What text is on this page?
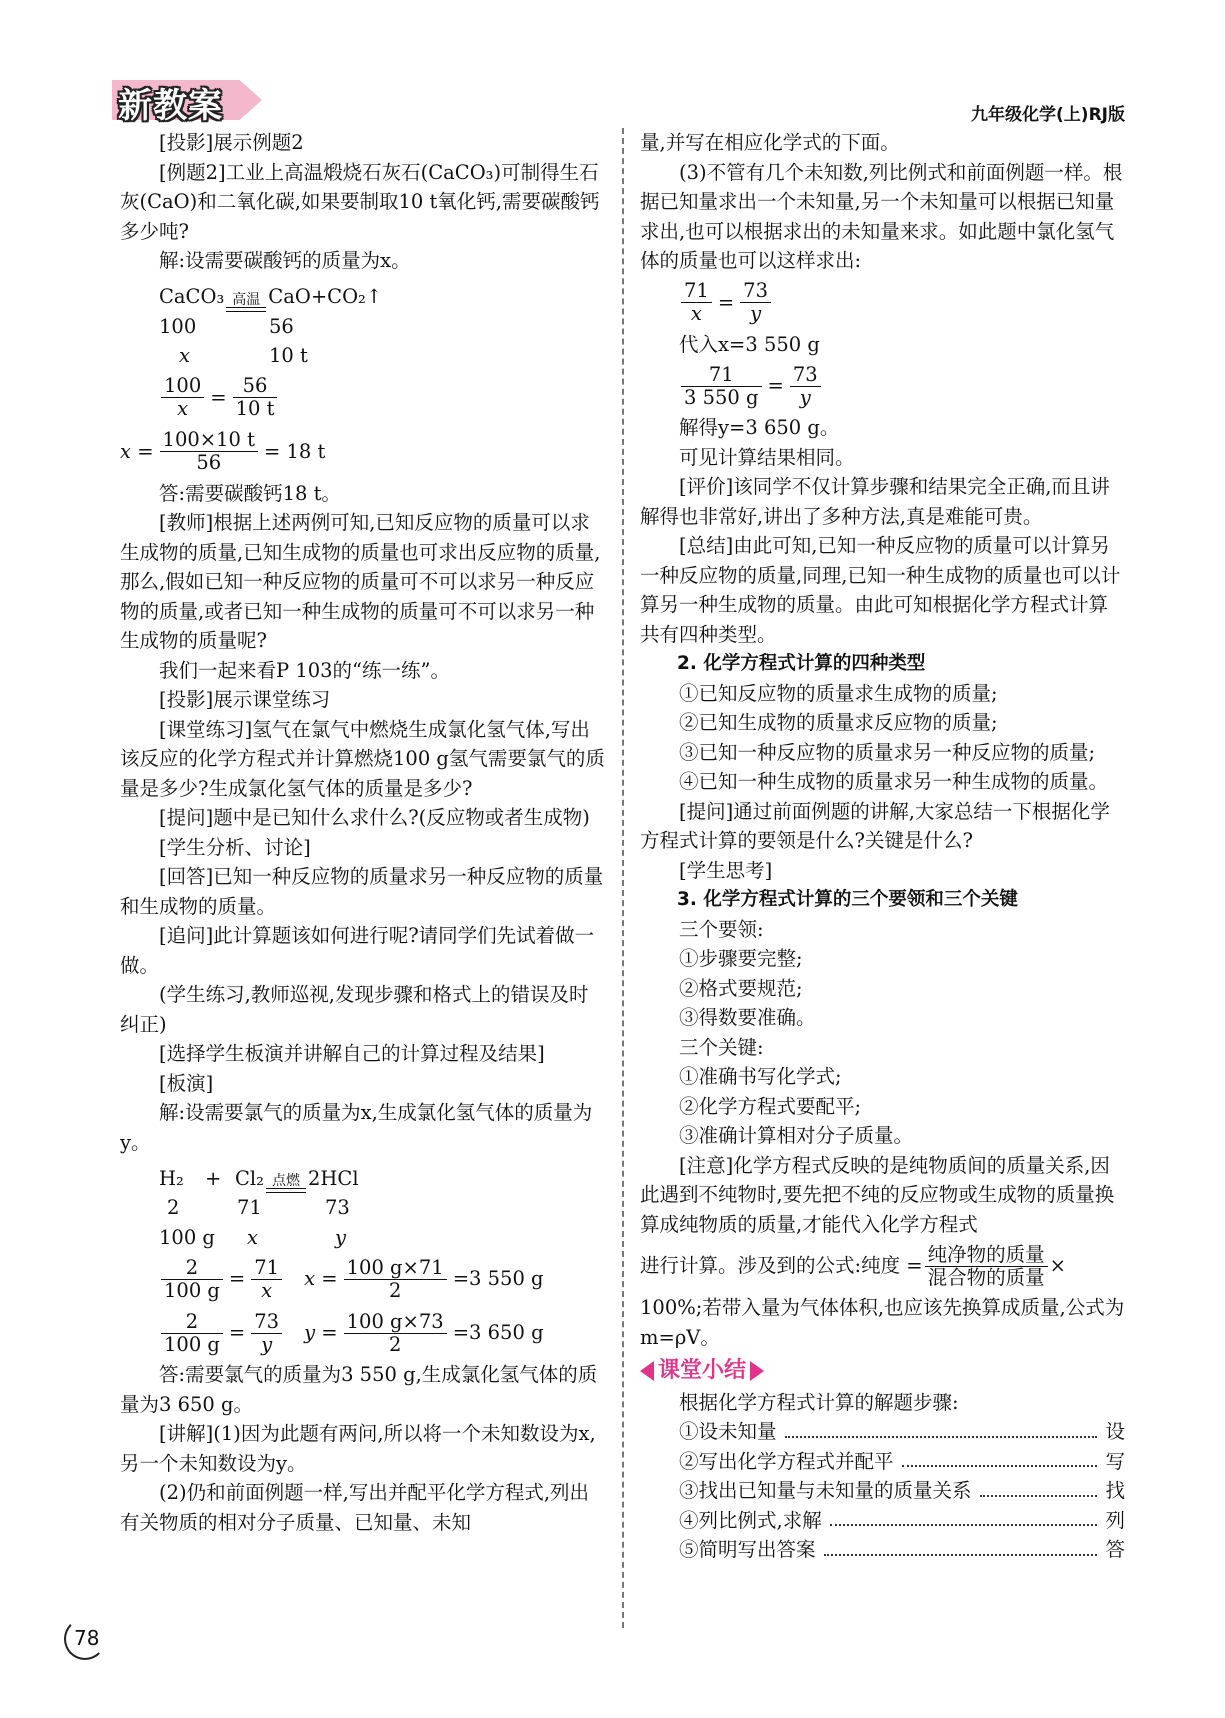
新教案	九年级化学(上)RJ版

[投影]展示例题2

[例题2]工业上高温煅烧石灰石(CaCO₃)可制得生石灰(CaO)和二氧化碳,如果要制取10 t氧化钙,需要碳酸钙多少吨?

解:设需要碳酸钙的质量为x。

CaCO₃ 高温 CaO+CO₂↑
100	56
x	10 t
$\frac{100}{x} = \frac{56}{10 t}$
$x = \frac{100\times 10 t}{56} = 18$ t

答:需要碳酸钙18 t。

[教师]根据上述两例可知,已知反应物的质量可以求生成物的质量,已知生成物的质量也可求出反应物的质量,那么,假如已知一种反应物的质量可不可以求另一种反应物的质量,或者已知一种生成物的质量可不可以求另一种生成物的质量呢?

我们一起来看P 103的“练一练”。

[投影]展示课堂练习

[课堂练习]氢气在氯气中燃烧生成氯化氢气体,写出该反应的化学方程式并计算燃烧100 g氢气需要氯气的质量是多少?生成氯化氢气体的质量是多少?

[提问]题中是已知什么求什么?(反应物或者生成物)

[学生分析、讨论]

[回答]已知一种反应物的质量求另一种反应物的质量和生成物的质量。

[追问]此计算题该如何进行呢?请同学们先试着做一做。

(学生练习,教师巡视,发现步骤和格式上的错误及时纠正)

[选择学生板演并讲解自己的计算过程及结果]

[板演]

解:设需要氯气的质量为x,生成氯化氢气体的质量为y。

H₂	+ Cl₂ 点燃 2HCl
2	71	73
100 g	x	y
$\frac{2}{100 g} = \frac{71}{x}$ $x = \frac{100 g\times 71}{2} =3$ 550 g
$\frac{2}{100 g} = \frac{73}{y}$ $y = \frac{100 g\times 73}{2} =3$ 650 g

答:需要氯气的质量为3 550 g,生成氯化氢气体的质量为3 650 g。

[讲解](1)因为此题有两问,所以将一个未知数设为x,另一个未知数设为y。

(2)仍和前面例题一样,写出并配平化学方程式,列出有关物质的相对分子质量、已知量、未知

量,并写在相应化学式的下面。

(3)不管有几个未知数,列比例式和前面例题一样。根据已知量求出一个未知量,另一个未知量可以根据已知量求出,也可以根据求出的未知量来求。如此题中氯化氢气体的质量也可以这样求出:

$\frac{71}{x} = \frac{73}{y}$

代入x=3 550 g

$\frac{71}{3 550 g} = \frac{73}{y}$

解得y=3 650 g。

可见计算结果相同。

[评价]该同学不仅计算步骤和结果完全正确,而且讲解得也非常好,讲出了多种方法,真是难能可贵。

[总结]由此可知,已知一种反应物的质量可以计算另一种反应物的质量,同理,已知一种生成物的质量也可以计算另一种生成物的质量。由此可知根据化学方程式计算共有四种类型。

2. 化学方程式计算的四种类型

①已知反应物的质量求生成物的质量;

②已知生成物的质量求反应物的质量;

③已知一种反应物的质量求另一种反应物的质量;

④已知一种生成物的质量求另一种生成物的质量。

[提问]通过前面例题的讲解,大家总结一下根据化学方程式计算的要领是什么?关键是什么?

[学生思考]

3. 化学方程式计算的三个要领和三个关键

三个要领:

①步骤要完整;

②格式要规范;

③得数要准确。

三个关键:

①准确书写化学式;

②化学方程式要配平;

③准确计算相对分子质量。

[注意]化学方程式反映的是纯物质间的质量关系,因此遇到不纯物时,要先把不纯的反应物或生成物的质量换算成纯物质的质量,才能代入化学方程式

进行计算。涉及到的公式:纯度 = $\frac{\text{纯净物的质量}}{\text{混合物的质量}}$ ×

100%;若带入量为气体体积,也应该先换算成质量,公式为m=ρV。

课堂小结

根据化学方程式计算的解题步骤:

①设未知量	设
②写出化学方程式并配平	写
③找出已知量与未知量的质量关系	找
④列比例式,求解	列
⑤简明写出答案	答
78
